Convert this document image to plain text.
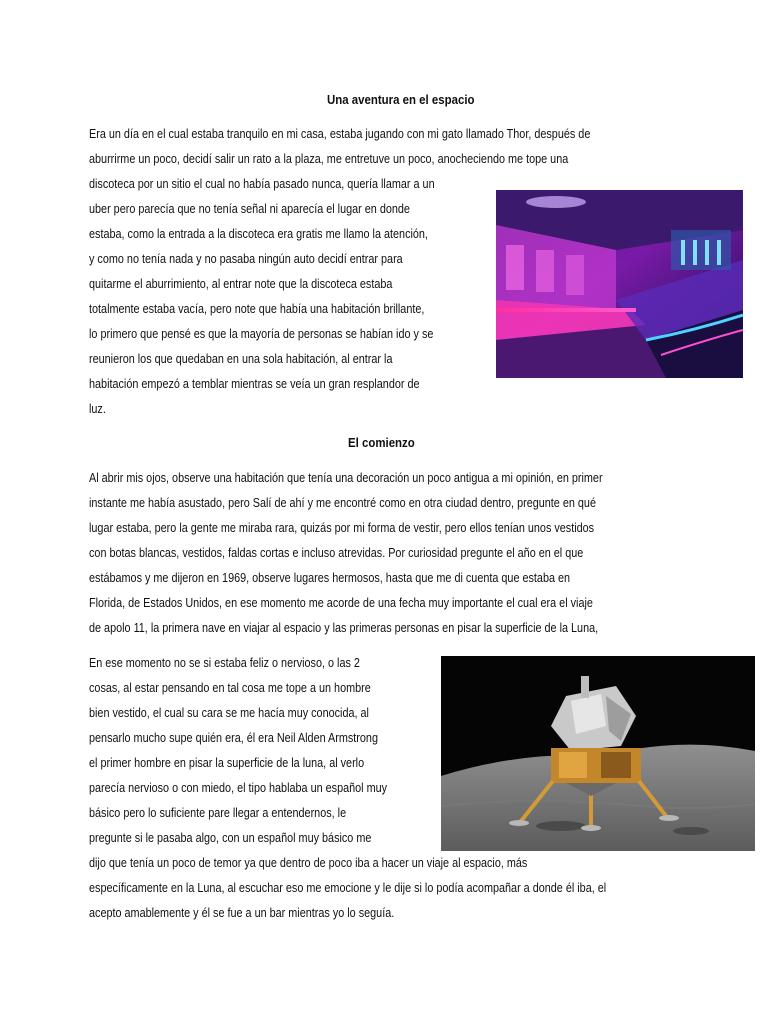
Una aventura en el espacio
Era un día en el cual estaba tranquilo en mi casa, estaba jugando con mi gato llamado Thor, después de
aburrirme un poco, decidí salir un rato a la plaza, me entretuve un poco, anocheciendo me tope una
discoteca por un sitio el cual no había pasado nunca, quería llamar a un
uber pero parecía que no tenía señal ni aparecía el lugar en donde
estaba, como la entrada a la discoteca era gratis me llamo la atención,
y como no tenía nada y no pasaba ningún auto decidí entrar para
quitarme el aburrimiento, al entrar note que la discoteca estaba
totalmente estaba vacía, pero note que había una habitación brillante,
lo primero que pensé es que la mayoría de personas se habían ido y se
reunieron los que quedaban en una sola habitación, al entrar la
habitación empezó a temblar mientras se veía un gran resplandor de
luz.
El comienzo
Al abrir mis ojos, observe una habitación que tenía una decoración un poco antigua a mi opinión, en primer
instante me había asustado, pero Salí de ahí y me encontré como en otra ciudad dentro, pregunte en qué
lugar estaba, pero la gente me miraba rara, quizás por mi forma de vestir, pero ellos tenían unos vestidos
con botas blancas, vestidos, faldas cortas e incluso atrevidas. Por curiosidad pregunte el año en el que
estábamos y me dijeron en 1969, observe lugares hermosos, hasta que me di cuenta que estaba en
Florida, de Estados Unidos, en ese momento me acorde de una fecha muy importante el cual era el viaje
de apolo 11, la primera nave en viajar al espacio y las primeras personas en pisar la superficie de la Luna,
En ese momento no se si estaba feliz o nervioso, o las 2
cosas, al estar pensando en tal cosa me tope a un hombre
bien vestido, el cual su cara se me hacía muy conocida, al
pensarlo mucho supe quién era, él era Neil Alden Armstrong
el primer hombre en pisar la superficie de la luna, al verlo
parecía nervioso o con miedo, el tipo hablaba un español muy
básico pero lo suficiente pare llegar a entendernos, le
pregunte si le pasaba algo, con un español muy básico me
dijo que tenía un poco de temor ya que dentro de poco iba a hacer un viaje al espacio, más
específicamente en la Luna, al escuchar eso me emocione y le dije si lo podía acompañar a donde él iba, el
acepto amablemente y él se fue a un bar mientras yo lo seguía.
